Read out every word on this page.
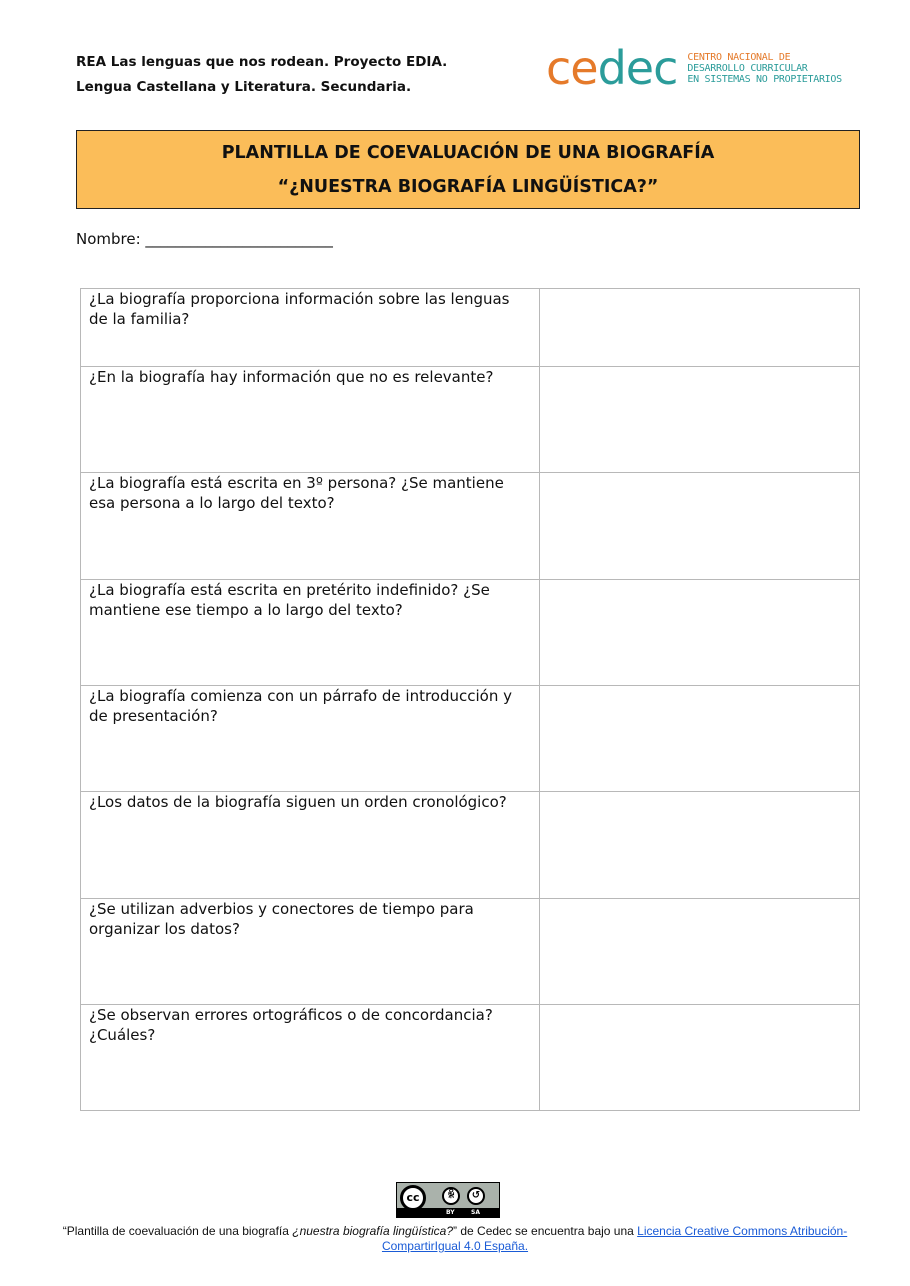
REA Las lenguas que nos rodean. Proyecto EDIA.
Lengua Castellana y Literatura. Secundaria.	cedec CENTRO NACIONAL DE
DESARROLLO CURRICULAR
EN SISTEMAS NO PROPIETARIOS
PLANTILLA DE COEVALUACIÓN DE UNA BIOGRAFÍA
“¿NUESTRA BIOGRAFÍA LINGÜÍSTICA?”
Nombre: _________________________
¿La biografía proporciona información sobre las lenguas de la familia?	

¿En la biografía hay información que no es relevante?	

¿La biografía está escrita en 3º persona? ¿Se mantiene esa persona a lo largo del texto?	

¿La biografía está escrita en pretérito indefinido? ¿Se mantiene ese tiempo a lo largo del texto?	

¿La biografía comienza con un párrafo de introducción y de presentación?	

¿Los datos de la biografía siguen un orden cronológico?	

¿Se utilizan adverbios y conectores de tiempo para organizar los datos?	

¿Se observan errores ortográficos o de concordancia? ¿Cuáles?	

cc	ꆜ	↺
BY	SA
“Plantilla de coevaluación de una biografía ¿nuestra biografía lingüística?” de Cedec se encuentra bajo una Licencia Creative Commons Atribución-CompartirIgual 4.0 España.
